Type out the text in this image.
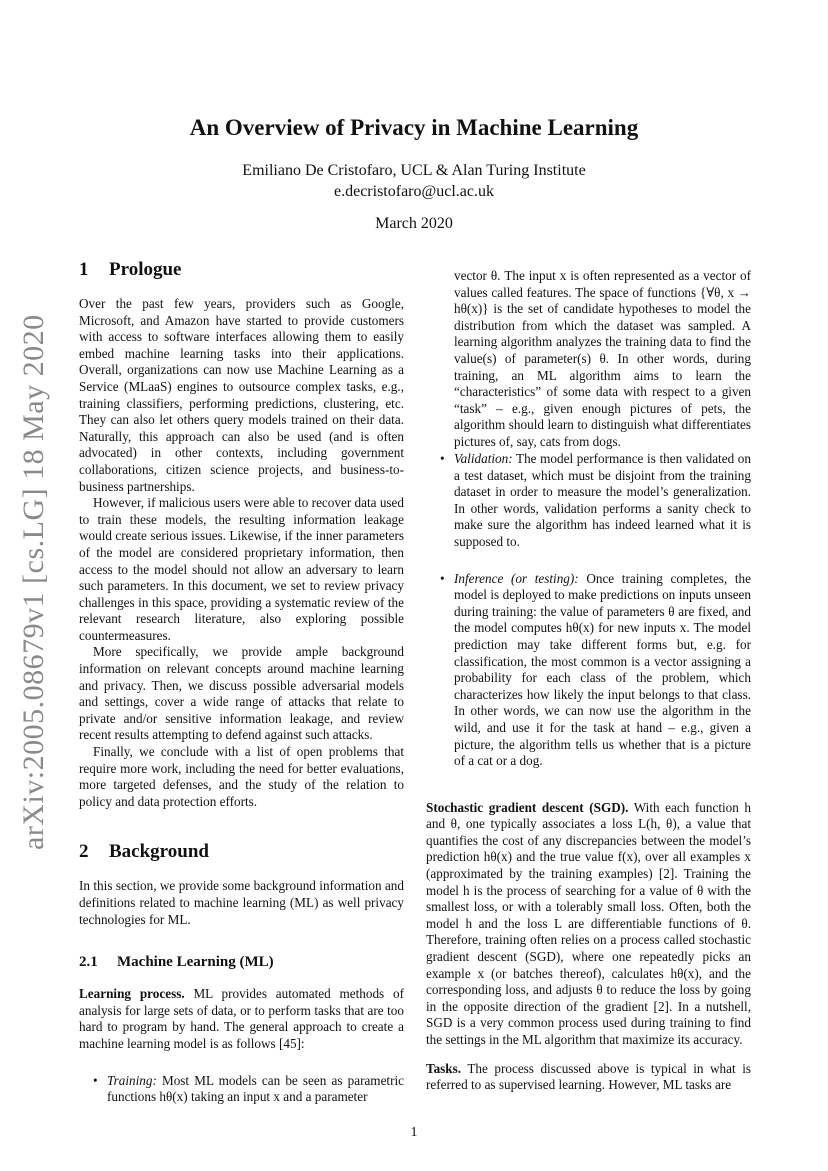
arXiv:2005.08679v1 [cs.LG] 18 May 2020
An Overview of Privacy in Machine Learning
Emiliano De Cristofaro, UCL & Alan Turing Institute
e.decristofaro@ucl.ac.uk
March 2020
1 Prologue

Over the past few years, providers such as Google, Microsoft, and Amazon have started to provide customers with access to software interfaces allowing them to easily embed machine learning tasks into their applications. Overall, organizations can now use Machine Learning as a Service (MLaaS) engines to outsource complex tasks, e.g., training classifiers, performing predictions, clustering, etc. They can also let others query models trained on their data. Naturally, this approach can also be used (and is often advocated) in other contexts, including government collaborations, citizen science projects, and business-to-business partnerships.

However, if malicious users were able to recover data used to train these models, the resulting information leakage would create serious issues. Likewise, if the inner parameters of the model are considered proprietary information, then access to the model should not allow an adversary to learn such parameters. In this document, we set to review privacy challenges in this space, providing a systematic review of the relevant research literature, also exploring possible countermeasures.

More specifically, we provide ample background information on relevant concepts around machine learning and privacy. Then, we discuss possible adversarial models and settings, cover a wide range of attacks that relate to private and/or sensitive information leakage, and review recent results attempting to defend against such attacks.

Finally, we conclude with a list of open problems that require more work, including the need for better evaluations, more targeted defenses, and the study of the relation to policy and data protection efforts.

2 Background

In this section, we provide some background information and definitions related to machine learning (ML) as well privacy technologies for ML.

2.1 Machine Learning (ML)

Learning process. ML provides automated methods of analysis for large sets of data, or to perform tasks that are too hard to program by hand. The general approach to create a machine learning model is as follows [45]:

• Training: Most ML models can be seen as parametric functions hθ(x) taking an input x and a parameter

vector θ. The input x is often represented as a vector of values called features. The space of functions {∀θ, x → hθ(x)} is the set of candidate hypotheses to model the distribution from which the dataset was sampled. A learning algorithm analyzes the training data to find the value(s) of parameter(s) θ. In other words, during training, an ML algorithm aims to learn the “characteristics” of some data with respect to a given “task” – e.g., given enough pictures of pets, the algorithm should learn to distinguish what differentiates pictures of, say, cats from dogs.

• Validation: The model performance is then validated on a test dataset, which must be disjoint from the training dataset in order to measure the model’s generalization. In other words, validation performs a sanity check to make sure the algorithm has indeed learned what it is supposed to.
• Inference (or testing): Once training completes, the model is deployed to make predictions on inputs unseen during training: the value of parameters θ are fixed, and the model computes hθ(x) for new inputs x. The model prediction may take different forms but, e.g. for classification, the most common is a vector assigning a probability for each class of the problem, which characterizes how likely the input belongs to that class. In other words, we can now use the algorithm in the wild, and use it for the task at hand – e.g., given a picture, the algorithm tells us whether that is a picture of a cat or a dog.

Stochastic gradient descent (SGD). With each function h and θ, one typically associates a loss L(h, θ), a value that quantifies the cost of any discrepancies between the model’s prediction hθ(x) and the true value f(x), over all examples x (approximated by the training examples) [2]. Training the model h is the process of searching for a value of θ with the smallest loss, or with a tolerably small loss. Often, both the model h and the loss L are differentiable functions of θ. Therefore, training often relies on a process called stochastic gradient descent (SGD), where one repeatedly picks an example x (or batches thereof), calculates hθ(x), and the corresponding loss, and adjusts θ to reduce the loss by going in the opposite direction of the gradient [2]. In a nutshell, SGD is a very common process used during training to find the settings in the ML algorithm that maximize its accuracy.

Tasks. The process discussed above is typical in what is referred to as supervised learning. However, ML tasks are

1
